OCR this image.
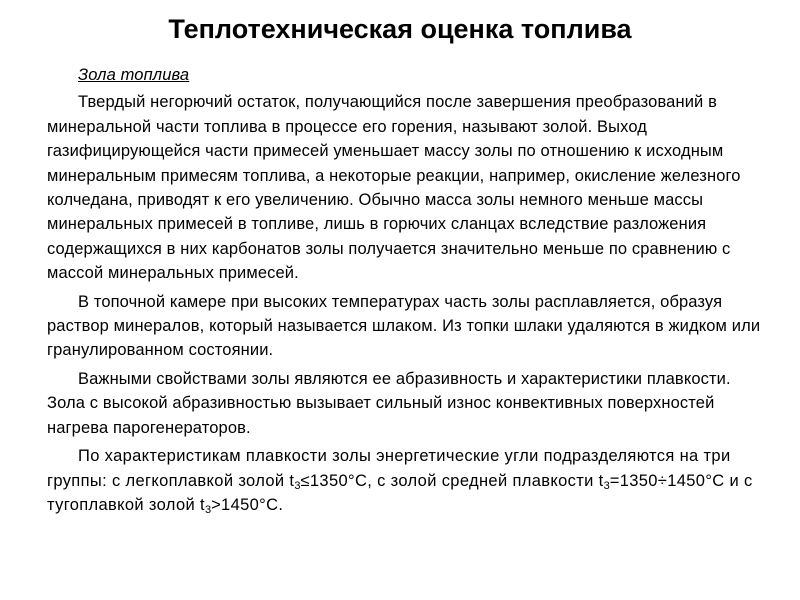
Теплотехническая оценка топлива

Зола топлива

Твердый негорючий остаток, получающийся после завершения преобразований в минеральной части топлива в процессе его горения, называют золой. Выход газифицирующейся части примесей уменьшает массу золы по отношению к исходным минеральным примесям топлива, а некоторые реакции, например, окисление железного колчедана, приводят к его увеличению. Обычно масса золы немного меньше массы минеральных примесей в топливе, лишь в горючих сланцах вследствие разложения содержащихся в них карбонатов золы получается значительно меньше по сравнению с массой минеральных примесей.

В топочной камере при высоких температурах часть золы расплавляется, образуя раствор минералов, который называется шлаком. Из топки шлаки удаляются в жидком или гранулированном состоянии.

Важными свойствами золы являются ее абразивность и характеристики плавкости. Зола с высокой абразивностью вызывает сильный износ конвективных поверхностей нагрева парогенераторов.

По характеристикам плавкости золы энергетические угли подразделяются на три группы: с легкоплавкой золой $t_3\le 1350^\circ С$, с золой средней плавкости $t_3=1350\div 1450^\circ С$ и с тугоплавкой золой $t_3>1450^\circ С$.
